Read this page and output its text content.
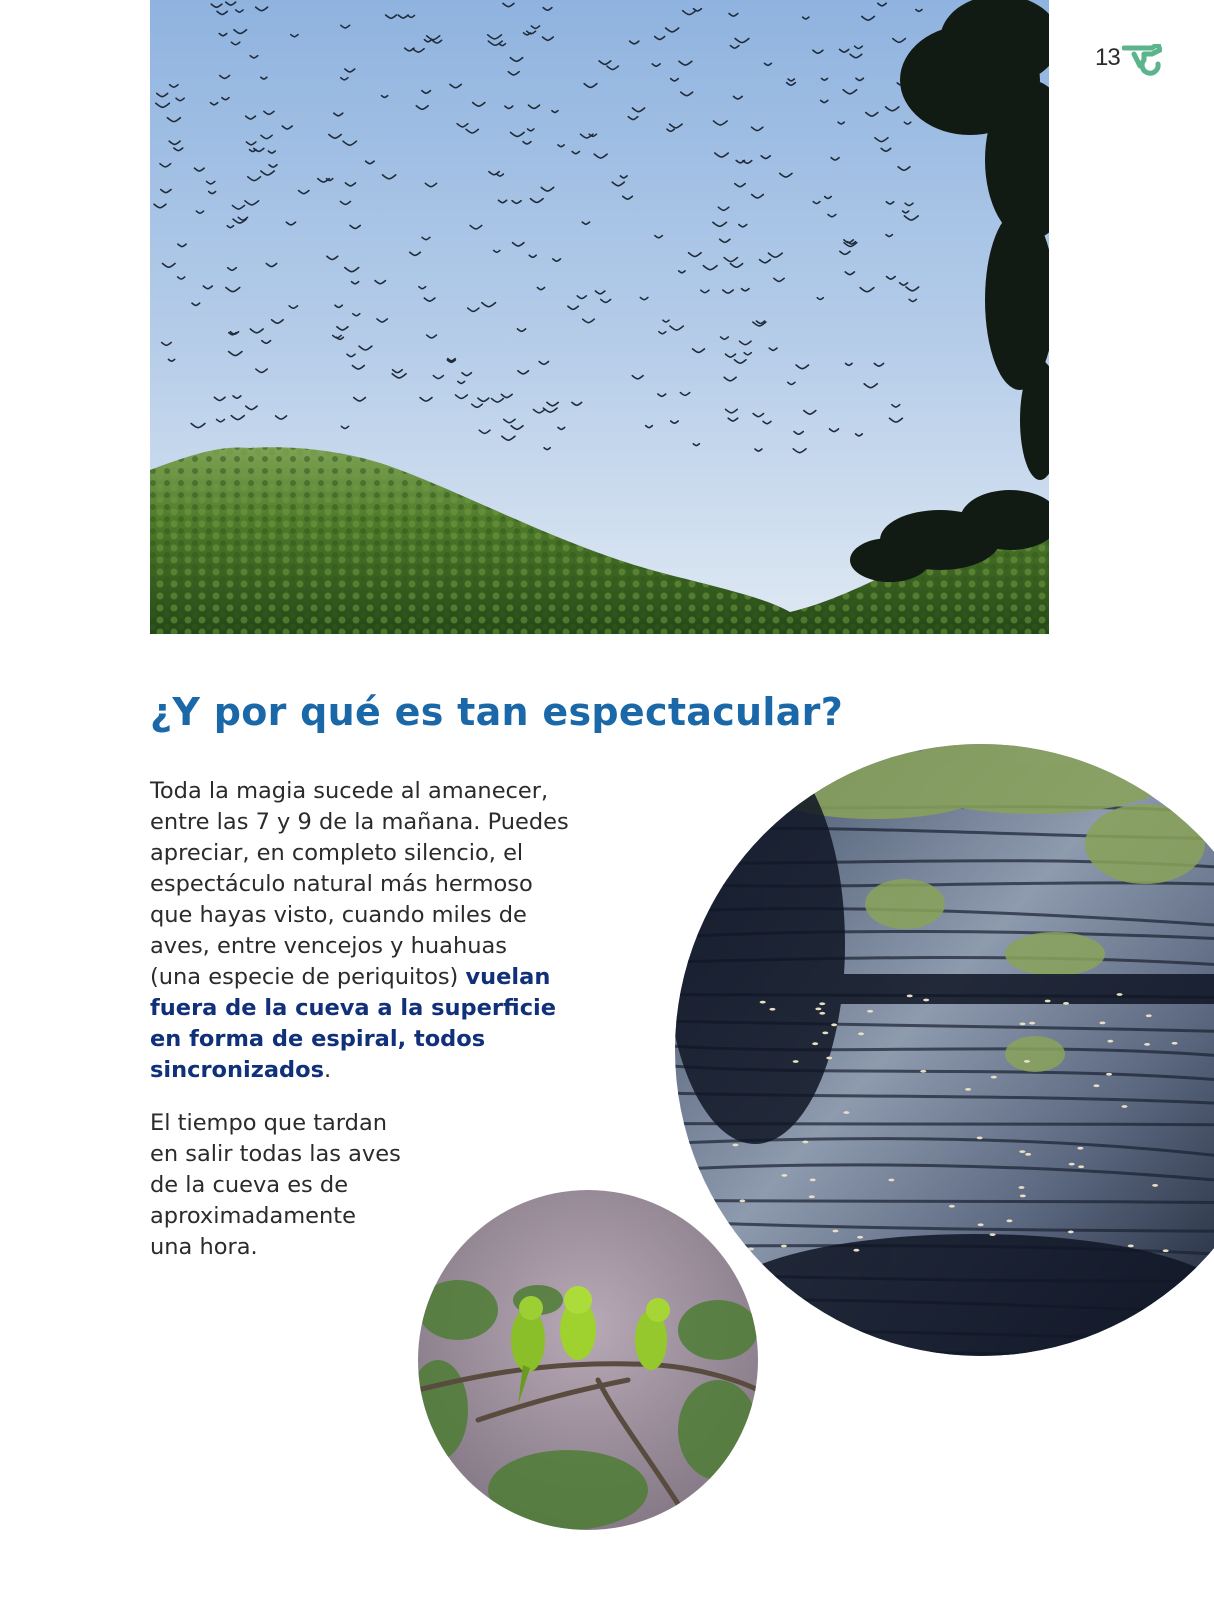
13
¿Y por qué es tan espectacular?
Toda la magia sucede al amanecer,
entre las 7 y 9 de la mañana. Puedes
apreciar, en completo silencio, el
espectáculo natural más hermoso
que hayas visto, cuando miles de
aves, entre vencejos y huahuas
(una especie de periquitos) vuelan
fuera de la cueva a la superficie
en forma de espiral, todos
sincronizados.
El tiempo que tardan
en salir todas las aves
de la cueva es de
aproximadamente
una hora.
